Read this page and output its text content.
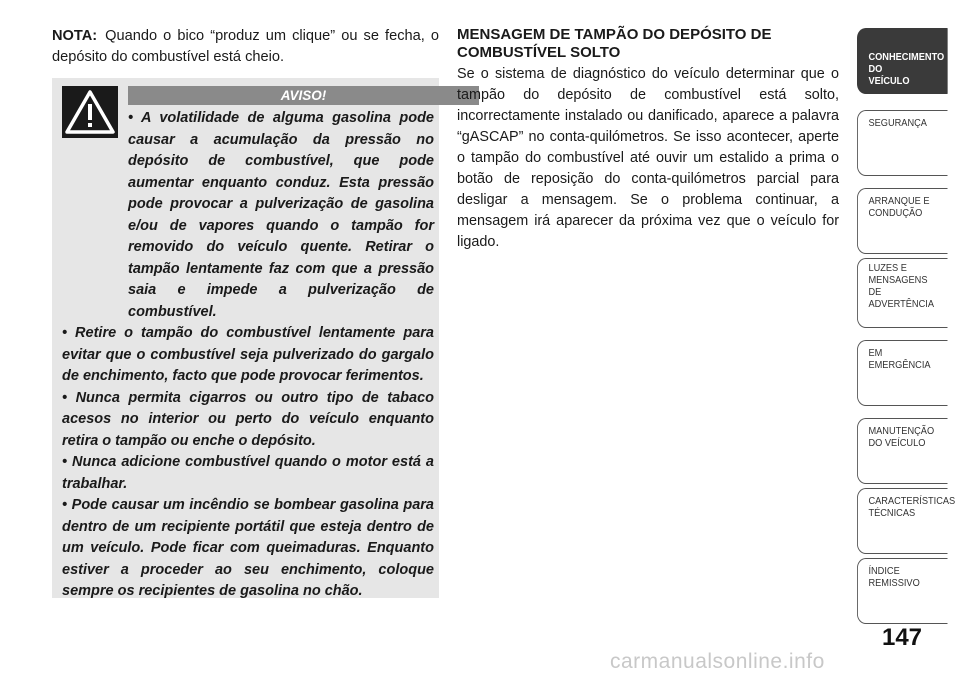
NOTA: Quando o bico “produz um clique” ou se fecha, o depósito do combustível está cheio.

AVISO!

• A volatilidade de alguma gasolina pode causar a acumulação da pressão no depósito de combustível, que pode aumentar enquanto conduz. Esta pressão pode provocar a pulverização de gasolina e/ou de vapores quando o tampão for removido do veículo quente. Retirar o tampão lentamente faz com que a pressão saia e impede a pulverização de combustível.

• Retire o tampão do combustível lentamente para evitar que o combustível seja pulverizado do gargalo de enchimento, facto que pode provocar ferimentos.

• Nunca permita cigarros ou outro tipo de tabaco acesos no interior ou perto do veículo enquanto retira o tampão ou enche o depósito.

• Nunca adicione combustível quando o motor está a trabalhar.

• Pode causar um incêndio se bombear gasolina para dentro de um recipiente portátil que esteja dentro de um veículo. Pode ficar com queimaduras. Enquanto estiver a proceder ao seu enchimento, coloque sempre os recipientes de gasolina no chão.

MENSAGEM DE TAMPÃO DO DEPÓSITO DE COMBUSTÍVEL SOLTO

Se o sistema de diagnóstico do veículo determinar que o tampão do depósito de combustível está solto, incorrectamente instalado ou danificado, aparece a palavra “gASCAP” no conta-quilómetros. Se isso acontecer, aperte o tampão do combustível até ouvir um estalido a prima o botão de reposição do conta-quilómetros parcial para desligar a mensagem. Se o problema continuar, a mensagem irá aparecer da próxima vez que o veículo for ligado.

CONHECIMENTO
DO
VEÍCULO
SEGURANÇA
ARRANQUE E
CONDUÇÃO
LUZES E
MENSAGENS
DE
ADVERTÊNCIA
EM
EMERGÊNCIA
MANUTENÇÃO
DO VEÍCULO
CARACTERÍSTICAS
TÉCNICAS
ÍNDICE
REMISSIVO
147
carmanualsonline.info
